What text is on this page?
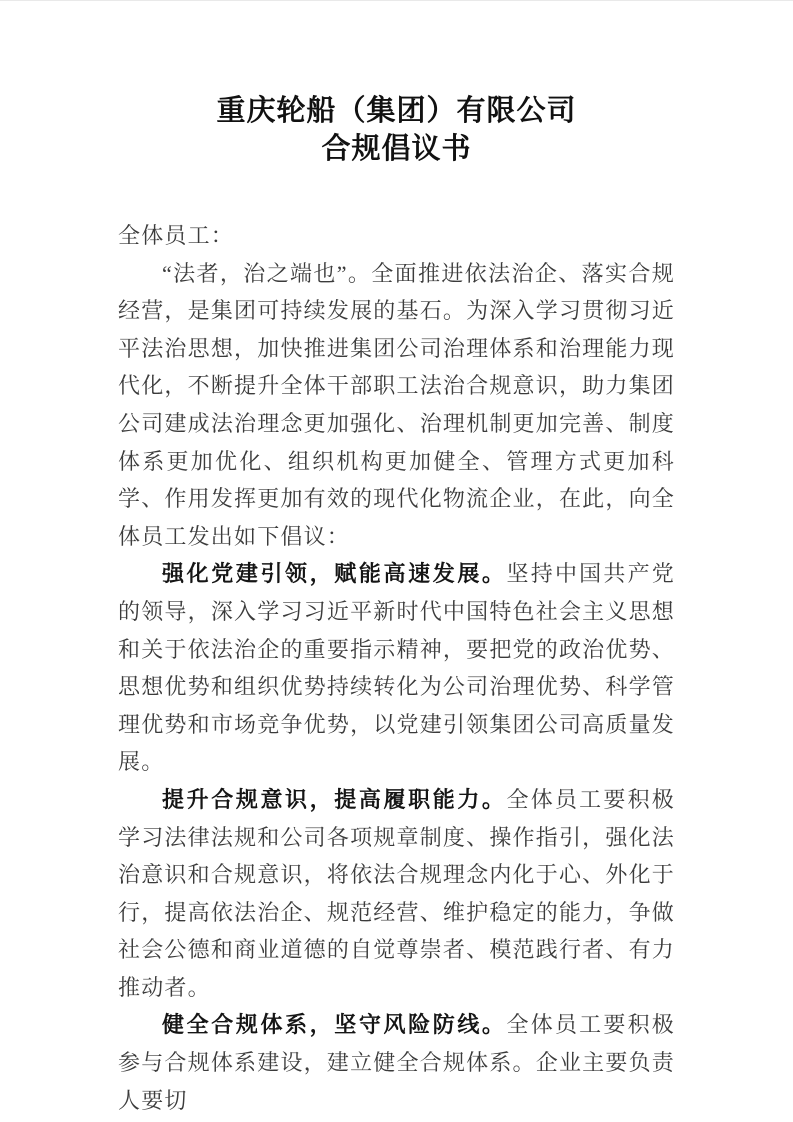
重庆轮船（集团）有限公司
合规倡议书

全体员工：

“法者，治之端也”。全面推进依法治企、落实合规经营，是集团可持续发展的基石。为深入学习贯彻习近平法治思想，加快推进集团公司治理体系和治理能力现代化，不断提升全体干部职工法治合规意识，助力集团公司建成法治理念更加强化、治理机制更加完善、制度体系更加优化、组织机构更加健全、管理方式更加科学、作用发挥更加有效的现代化物流企业，在此，向全体员工发出如下倡议：

强化党建引领，赋能高速发展。坚持中国共产党的领导，深入学习习近平新时代中国特色社会主义思想和关于依法治企的重要指示精神，要把党的政治优势、思想优势和组织优势持续转化为公司治理优势、科学管理优势和市场竞争优势，以党建引领集团公司高质量发展。

提升合规意识，提高履职能力。全体员工要积极学习法律法规和公司各项规章制度、操作指引，强化法治意识和合规意识，将依法合规理念内化于心、外化于行，提高依法治企、规范经营、维护稳定的能力，争做社会公德和商业道德的自觉尊崇者、模范践行者、有力推动者。

健全合规体系，坚守风险防线。全体员工要积极参与合规体系建设，建立健全合规体系。企业主要负责人要切
